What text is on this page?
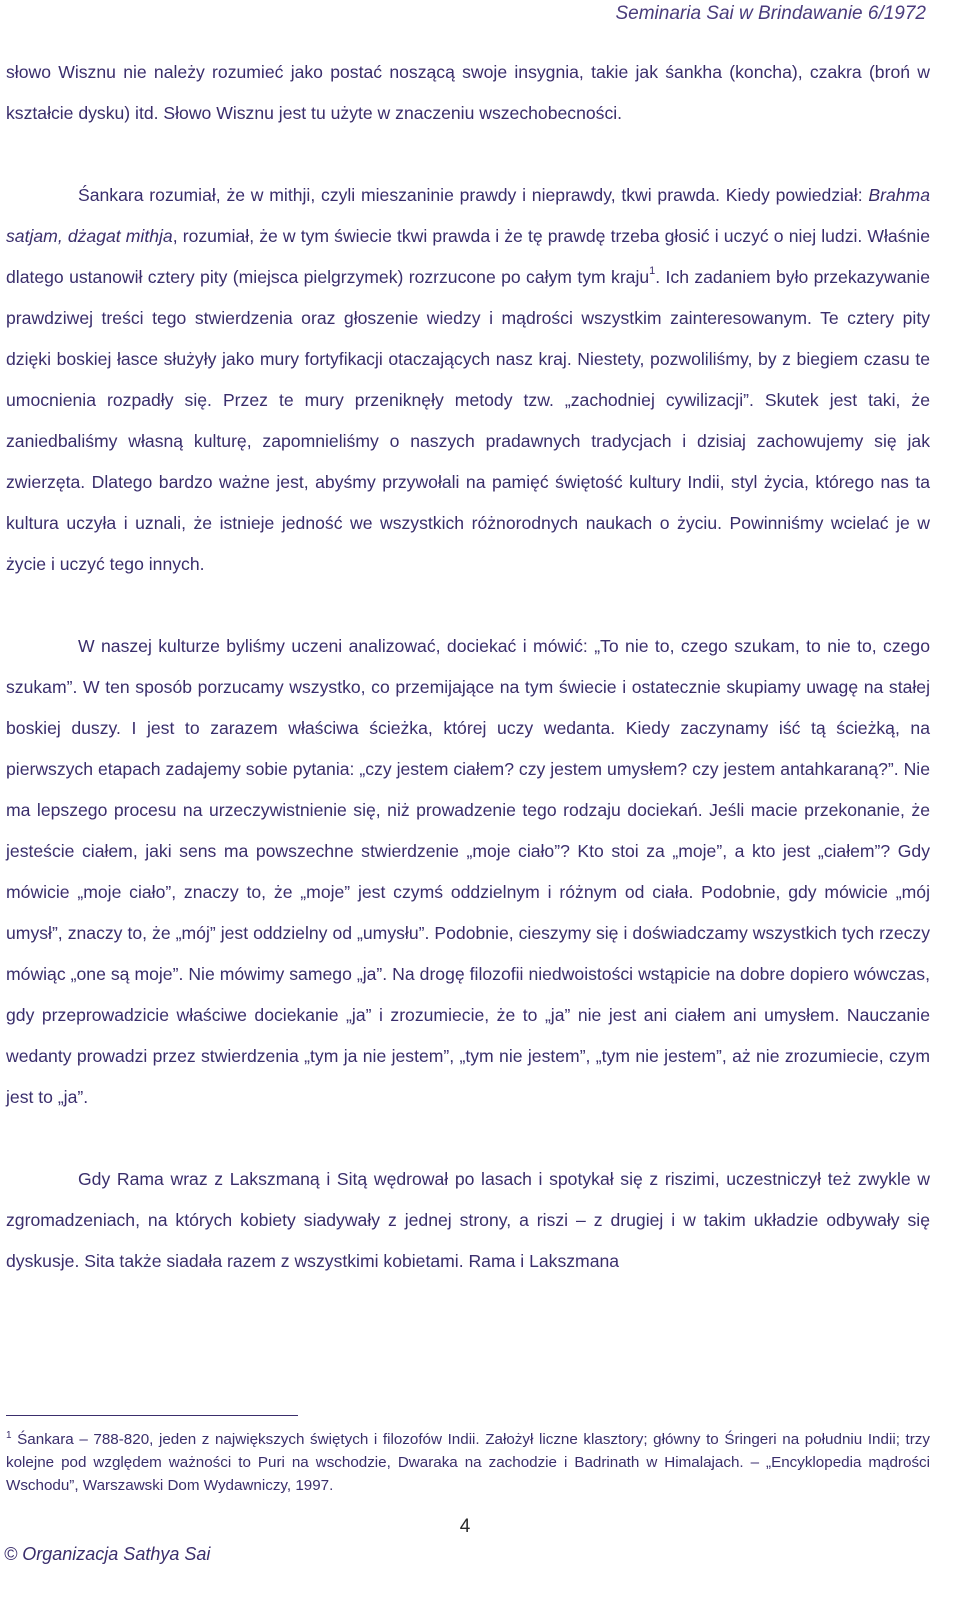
Seminaria Sai w Brindawanie 6/1972

słowo Wisznu nie należy rozumieć jako postać noszącą swoje insygnia, takie jak śankha (koncha), czakra (broń w kształcie dysku) itd. Słowo Wisznu jest tu użyte w znaczeniu wszechobecności.

Śankara rozumiał, że w mithji, czyli mieszaninie prawdy i nieprawdy, tkwi prawda. Kiedy powiedział: Brahma satjam, dżagat mithja, rozumiał, że w tym świecie tkwi prawda i że tę prawdę trzeba głosić i uczyć o niej ludzi. Właśnie dlatego ustanowił cztery pity (miejsca pielgrzymek) rozrzucone po całym tym kraju$^1$. Ich zadaniem było przekazywanie prawdziwej treści tego stwierdzenia oraz głoszenie wiedzy i mądrości wszystkim zainteresowanym. Te cztery pity dzięki boskiej łasce służyły jako mury fortyfikacji otaczających nasz kraj. Niestety, pozwoliliśmy, by z biegiem czasu te umocnienia rozpadły się. Przez te mury przeniknęły metody tzw. „zachodniej cywilizacji”. Skutek jest taki, że zaniedbaliśmy własną kulturę, zapomnieliśmy o naszych pradawnych tradycjach i dzisiaj zachowujemy się jak zwierzęta. Dlatego bardzo ważne jest, abyśmy przywołali na pamięć świętość kultury Indii, styl życia, którego nas ta kultura uczyła i uznali, że istnieje jedność we wszystkich różnorodnych naukach o życiu. Powinniśmy wcielać je w życie i uczyć tego innych.

W naszej kulturze byliśmy uczeni analizować, dociekać i mówić: „To nie to, czego szukam, to nie to, czego szukam”. W ten sposób porzucamy wszystko, co przemijające na tym świecie i ostatecznie skupiamy uwagę na stałej boskiej duszy. I jest to zarazem właściwa ścieżka, której uczy wedanta. Kiedy zaczynamy iść tą ścieżką, na pierwszych etapach zadajemy sobie pytania: „czy jestem ciałem? czy jestem umysłem? czy jestem antahkaraną?”. Nie ma lepszego procesu na urzeczywistnienie się, niż prowadzenie tego rodzaju dociekań. Jeśli macie przekonanie, że jesteście ciałem, jaki sens ma powszechne stwierdzenie „moje ciało”? Kto stoi za „moje”, a kto jest „ciałem”? Gdy mówicie „moje ciało”, znaczy to, że „moje” jest czymś oddzielnym i różnym od ciała. Podobnie, gdy mówicie „mój umysł”, znaczy to, że „mój” jest oddzielny od „umysłu”. Podobnie, cieszymy się i doświadczamy wszystkich tych rzeczy mówiąc „one są moje”. Nie mówimy samego „ja”. Na drogę filozofii niedwoistości wstąpicie na dobre dopiero wówczas, gdy przeprowadzicie właściwe dociekanie „ja” i zrozumiecie, że to „ja” nie jest ani ciałem ani umysłem. Nauczanie wedanty prowadzi przez stwierdzenia „tym ja nie jestem”, „tym nie jestem”, „tym nie jestem”, aż nie zrozumiecie, czym jest to „ja”.

Gdy Rama wraz z Lakszmaną i Sitą wędrował po lasach i spotykał się z riszimi, uczestniczył też zwykle w zgromadzeniach, na których kobiety siadywały z jednej strony, a riszi – z drugiej i w takim układzie odbywały się dyskusje. Sita także siadała razem z wszystkimi kobietami. Rama i Lakszmana

$^1$ Śankara – 788-820, jeden z największych świętych i filozofów Indii. Założył liczne klasztory; główny to Śringeri na południu Indii; trzy kolejne pod względem ważności to Puri na wschodzie, Dwaraka na zachodzie i Badrinath w Himalajach. – „Encyklopedia mądrości Wschodu”, Warszawski Dom Wydawniczy, 1997.
4
© Organizacja Sathya Sai
